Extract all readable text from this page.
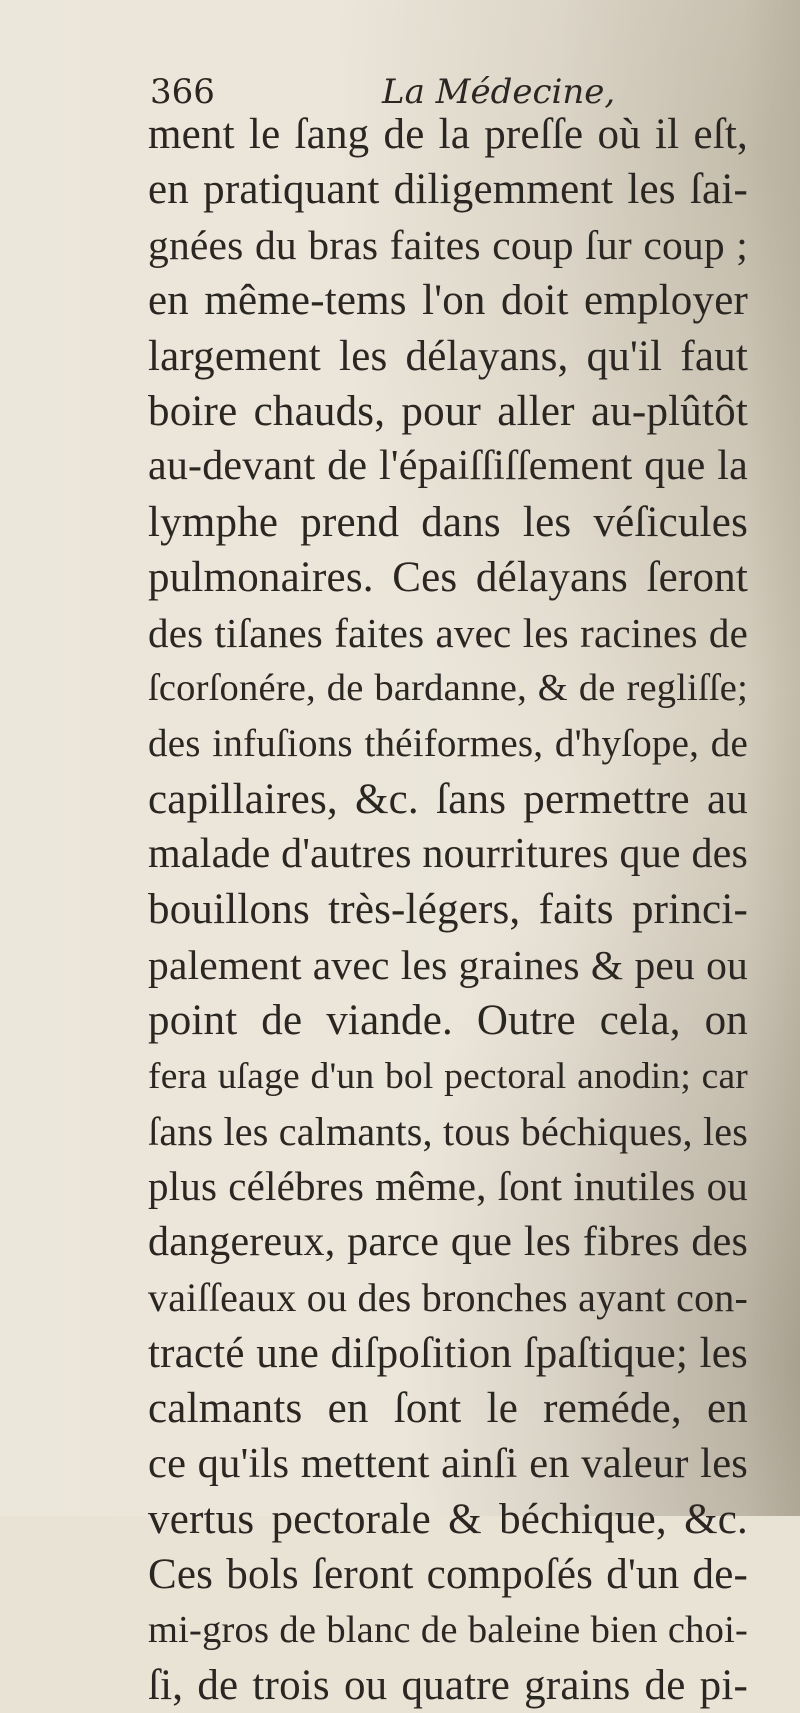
366	La Médecine,
ment le ſang de la preſſe où il eſt,
en pratiquant diligemment les ſai-
gnées du bras faites coup ſur coup ;
en même-tems l'on doit employer
largement les délayans, qu'il faut
boire chauds, pour aller au-plûtôt
au-devant de l'épaiſſiſſement que la
lymphe prend dans les véſicules
pulmonaires. Ces délayans ſeront
des tiſanes faites avec les racines de
ſcorſonére, de bardanne, & de regliſſe;
des infuſions théiformes, d'hyſope, de
capillaires, &c. ſans permettre au
malade d'autres nourritures que des
bouillons très-légers, faits princi-
palement avec les graines & peu ou
point de viande. Outre cela, on
fera uſage d'un bol pectoral anodin; car
ſans les calmants, tous béchiques, les
plus célébres même, ſont inutiles ou
dangereux, parce que les fibres des
vaiſſeaux ou des bronches ayant con-
tracté une diſpoſition ſpaſtique; les
calmants en ſont le reméde, en
ce qu'ils mettent ainſi en valeur les
vertus pectorale & béchique, &c.
Ces bols ſeront compoſés d'un de-
mi-gros de blanc de baleine bien choi-
ſi, de trois ou quatre grains de pi-
